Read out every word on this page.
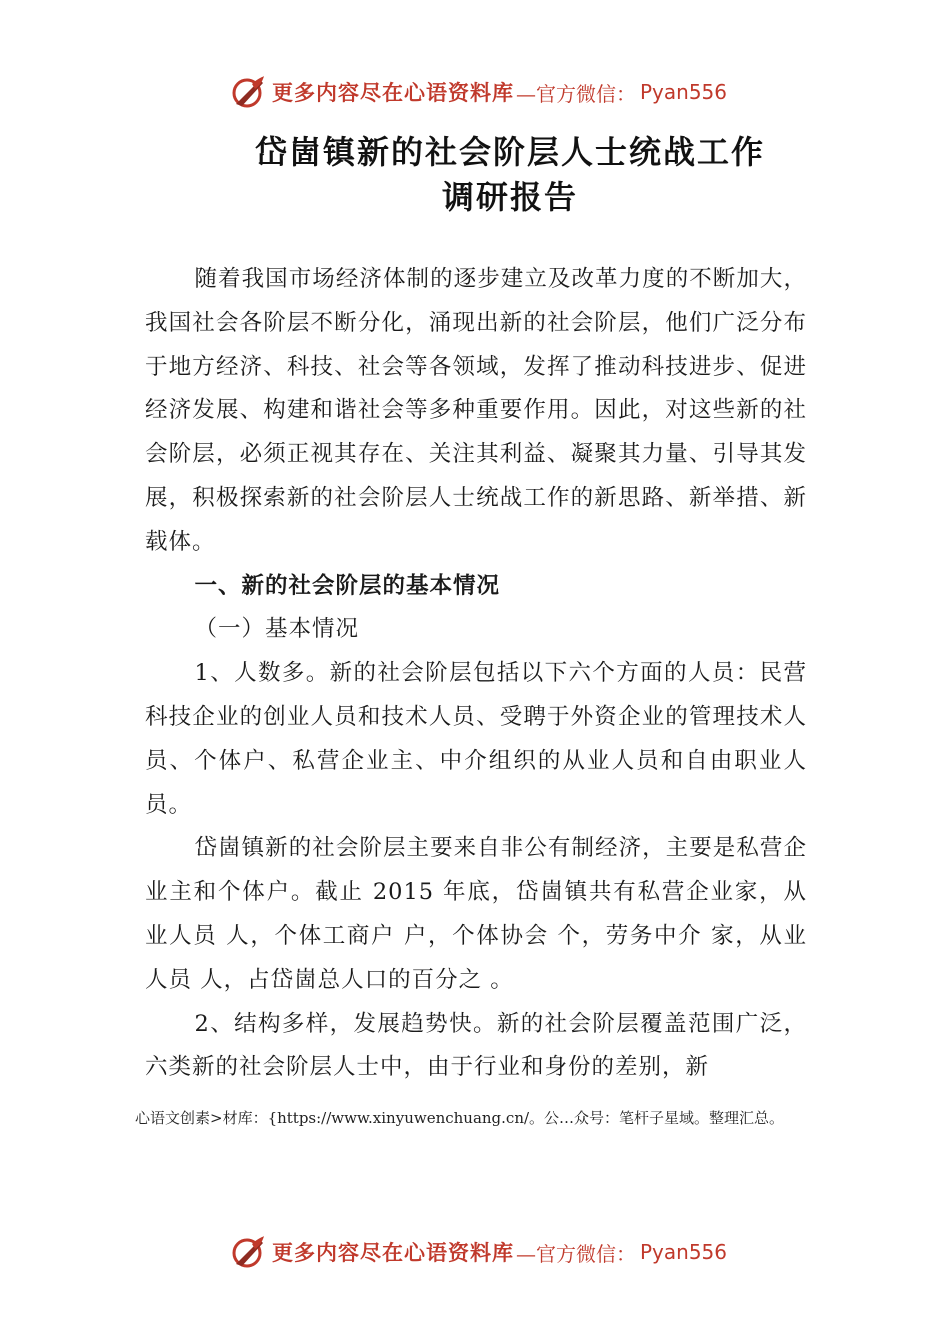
更多内容尽在心语资料库 —官方微信： Pyan556
岱崮镇新的社会阶层人士统战工作
调研报告

随着我国市场经济体制的逐步建立及改革力度的不断加大，我国社会各阶层不断分化，涌现出新的社会阶层，他们广泛分布于地方经济、科技、社会等各领域，发挥了推动科技进步、促进经济发展、构建和谐社会等多种重要作用。因此，对这些新的社会阶层，必须正视其存在、关注其利益、凝聚其力量、引导其发展，积极探索新的社会阶层人士统战工作的新思路、新举措、新载体。

一、新的社会阶层的基本情况

（一）基本情况

1、人数多。新的社会阶层包括以下六个方面的人员：民营科技企业的创业人员和技术人员、受聘于外资企业的管理技术人员、个体户、私营企业主、中介组织的从业人员和自由职业人员。

岱崮镇新的社会阶层主要来自非公有制经济，主要是私营企业主和个体户。截止 2015 年底，岱崮镇共有私营企业家，从业人员 人，个体工商户 户，个体协会 个，劳务中介 家，从业人员 人，占岱崮总人口的百分之 。

2、结构多样，发展趋势快。新的社会阶层覆盖范围广泛，六类新的社会阶层人士中，由于行业和身份的差别，新

心语文创素>材库：{https://www.xinyuwenchuang.cn/。公…众号：笔杆子星域。整理汇总。
更多内容尽在心语资料库 —官方微信： Pyan556
